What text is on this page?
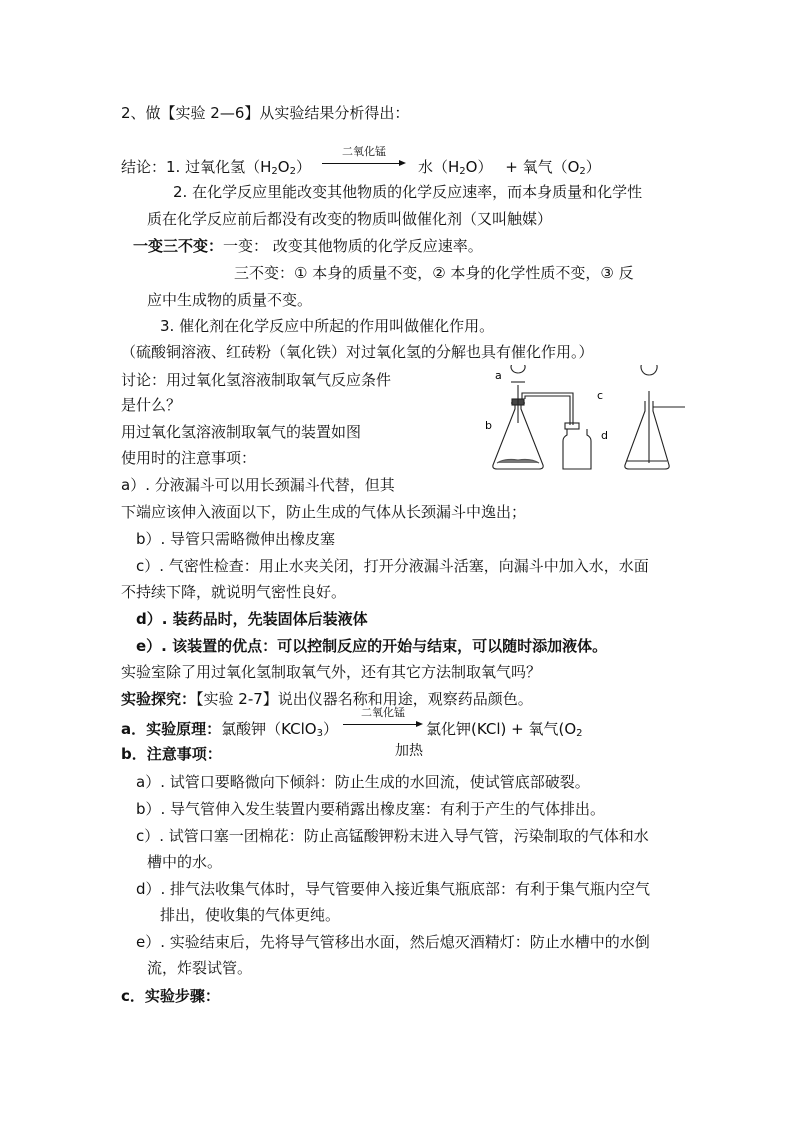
2、做【实验 2—6】从实验结果分析得出：
结论：1. 过氧化氢$(H_2O_2)$
二氧化锰
水$(H_2O)$ + 氧气$(O_2)$
2. 在化学反应里能改变其他物质的化学反应速率，而本身质量和化学性
质在化学反应前后都没有改变的物质叫做催化剂（又叫触媒）
一变三不变：一变： 改变其他物质的化学反应速率。
三不变：① 本身的质量不变，② 本身的化学性质不变，③ 反
应中生成物的质量不变。
3. 催化剂在化学反应中所起的作用叫做催化作用。
（硫酸铜溶液、红砖粉（氧化铁）对过氧化氢的分解也具有催化作用。）
讨论：用过氧化氢溶液制取氧气反应条件
是什么？
用过氧化氢溶液制取氧气的装置如图
使用时的注意事项：
a）. 分液漏斗可以用长颈漏斗代替，但其
下端应该伸入液面以下，防止生成的气体从长颈漏斗中逸出；
b）. 导管只需略微伸出橡皮塞
c）. 气密性检查：用止水夹关闭，打开分液漏斗活塞，向漏斗中加入水，水面
不持续下降，就说明气密性良好。
d）. 装药品时，先装固体后装液体
e）. 该装置的优点：可以控制反应的开始与结束，可以随时添加液体。
实验室除了用过氧化氢制取氧气外，还有其它方法制取氧气吗？
a
b
c
d
实验探究：【实验 2-7】说出仪器名称和用途，观察药品颜色。
a．实验原理：氯酸钾（KClO$_3$）
二氧化锰
氯化钾(KCl) + 氧气($O_2$
加热
b．注意事项：
a）. 试管口要略微向下倾斜：防止生成的水回流，使试管底部破裂。
b）. 导气管伸入发生装置内要稍露出橡皮塞：有利于产生的气体排出。
c）. 试管口塞一团棉花：防止高锰酸钾粉末进入导气管，污染制取的气体和水
槽中的水。
d）. 排气法收集气体时，导气管要伸入接近集气瓶底部：有利于集气瓶内空气
排出，使收集的气体更纯。
e）. 实验结束后，先将导气管移出水面，然后熄灭酒精灯：防止水槽中的水倒
流，炸裂试管。
c．实验步骤：
